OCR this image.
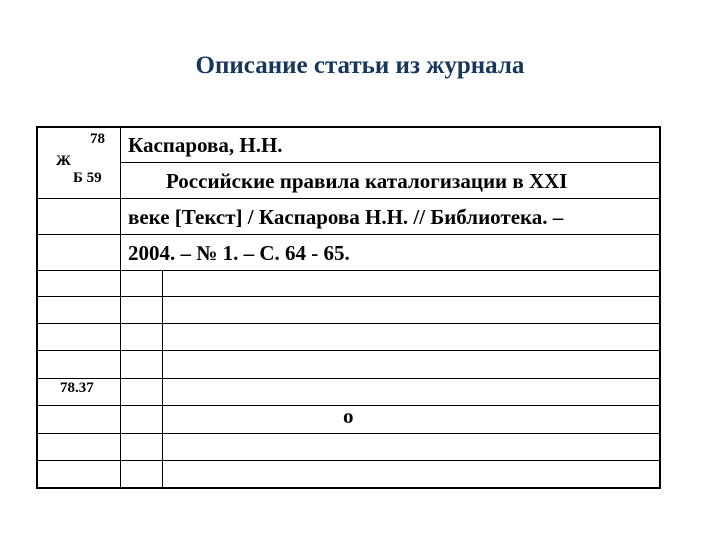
Описание статьи из журнала
78
Ж
Б 59
78.37
Каспарова, Н.Н.
Российские правила каталогизации в XXI
веке [Текст] / Каспарова Н.Н. // Библиотека. –
2004. – № 1. – С. 64 - 65.
о
